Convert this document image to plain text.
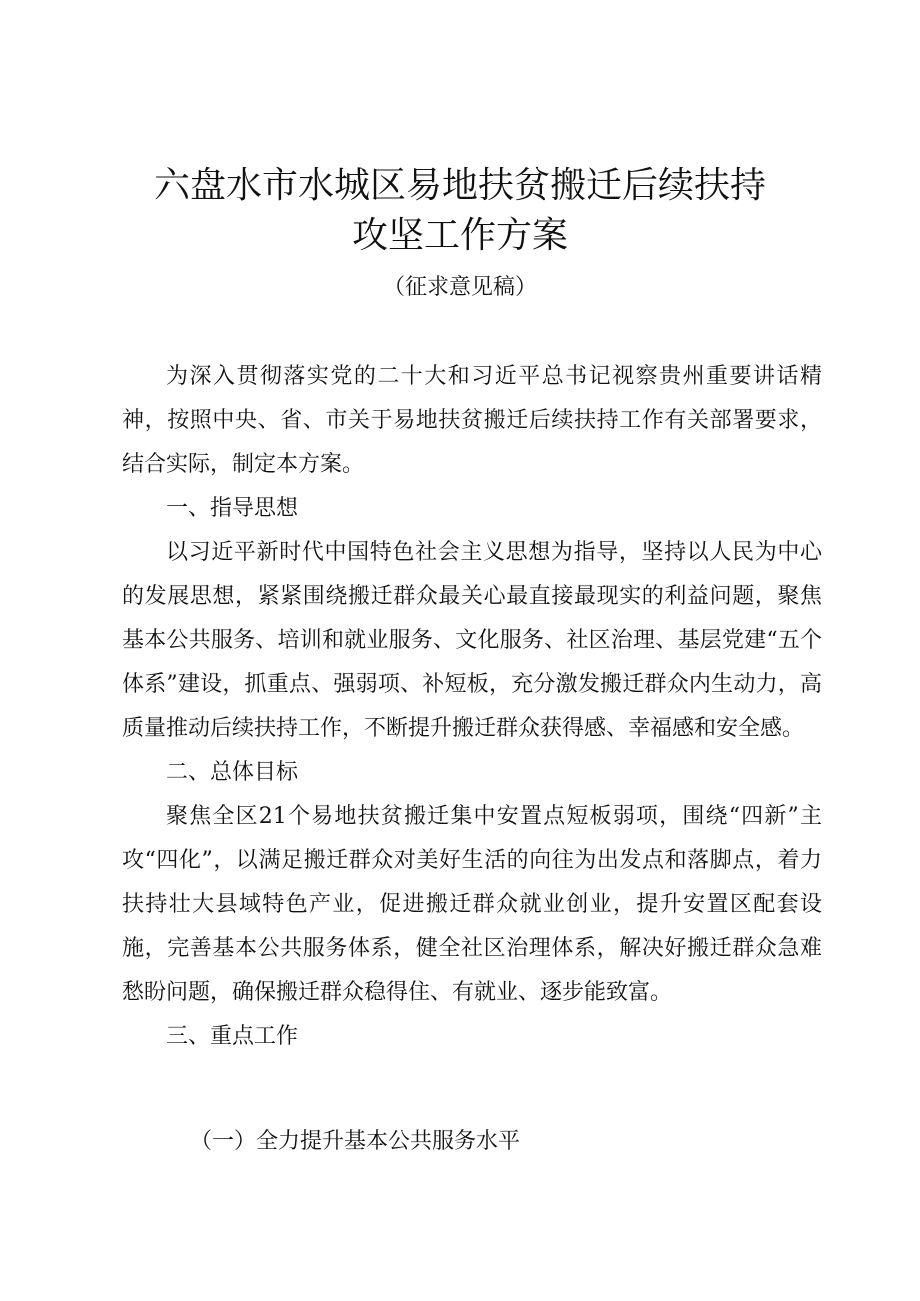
六盘水市水城区易地扶贫搬迁后续扶持
攻坚工作方案
（征求意见稿）

为深入贯彻落实党的二十大和习近平总书记视察贵州重要讲话精神，按照中央、省、市关于易地扶贫搬迁后续扶持工作有关部署要求，结合实际，制定本方案。

一、指导思想

以习近平新时代中国特色社会主义思想为指导，坚持以人民为中心的发展思想，紧紧围绕搬迁群众最关心最直接最现实的利益问题，聚焦基本公共服务、培训和就业服务、文化服务、社区治理、基层党建“五个体系”建设，抓重点、强弱项、补短板，充分激发搬迁群众内生动力，高质量推动后续扶持工作，不断提升搬迁群众获得感、幸福感和安全感。

二、总体目标

聚焦全区21个易地扶贫搬迁集中安置点短板弱项，围绕“四新”主攻“四化”，以满足搬迁群众对美好生活的向往为出发点和落脚点，着力扶持壮大县域特色产业，促进搬迁群众就业创业，提升安置区配套设施，完善基本公共服务体系，健全社区治理体系，解决好搬迁群众急难愁盼问题，确保搬迁群众稳得住、有就业、逐步能致富。

三、重点工作

（一）全力提升基本公共服务水平
